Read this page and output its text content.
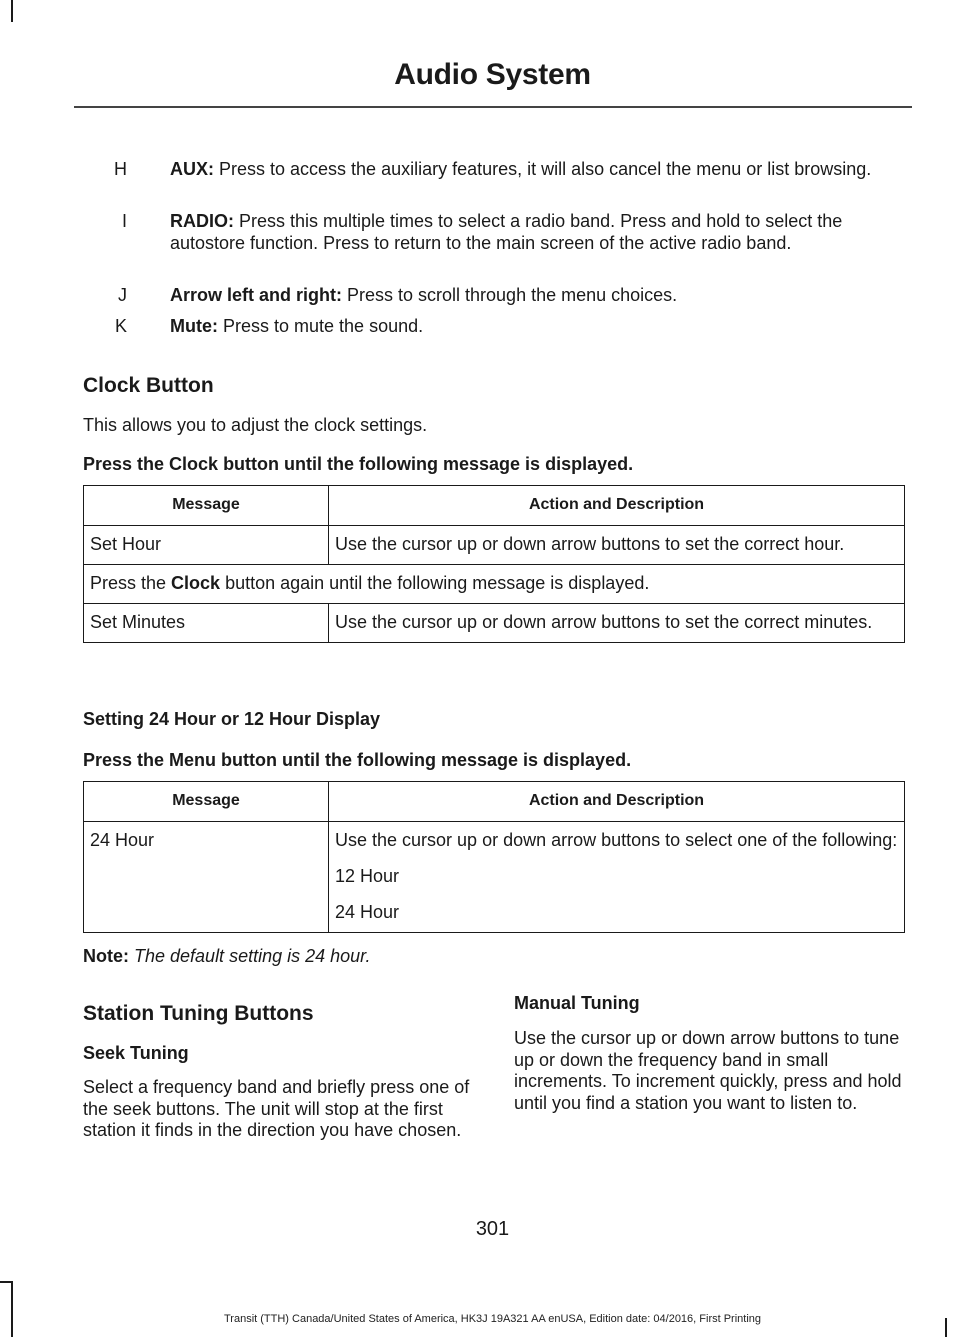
Audio System
H AUX: Press to access the auxiliary features, it will also cancel the menu or list browsing.
I RADIO: Press this multiple times to select a radio band. Press and hold to select the autostore function. Press to return to the main screen of the active radio band.
J Arrow left and right: Press to scroll through the menu choices.
K Mute: Press to mute the sound.
Clock Button
This allows you to adjust the clock settings.
Press the Clock button until the following message is displayed.
Message	Action and Description
Set Hour	Use the cursor up or down arrow buttons to set the correct hour.
Press the Clock button again until the following message is displayed.	
Set Minutes	Use the cursor up or down arrow buttons to set the correct minutes.
Setting 24 Hour or 12 Hour Display
Press the Menu button until the following message is displayed.
Message	Action and Description
24 Hour	Use the cursor up or down arrow buttons to select one of the following:
12 Hour
24 Hour
Note: The default setting is 24 hour.

Station Tuning Buttons

Seek Tuning

Select a frequency band and briefly press one of the seek buttons. The unit will stop at the first station it finds in the direction you have chosen.

Manual Tuning

Use the cursor up or down arrow buttons to tune up or down the frequency band in small increments. To increment quickly, press and hold until you find a station you want to listen to.

301
Transit (TTH) Canada/United States of America, HK3J 19A321 AA enUSA, Edition date: 04/2016, First Printing
